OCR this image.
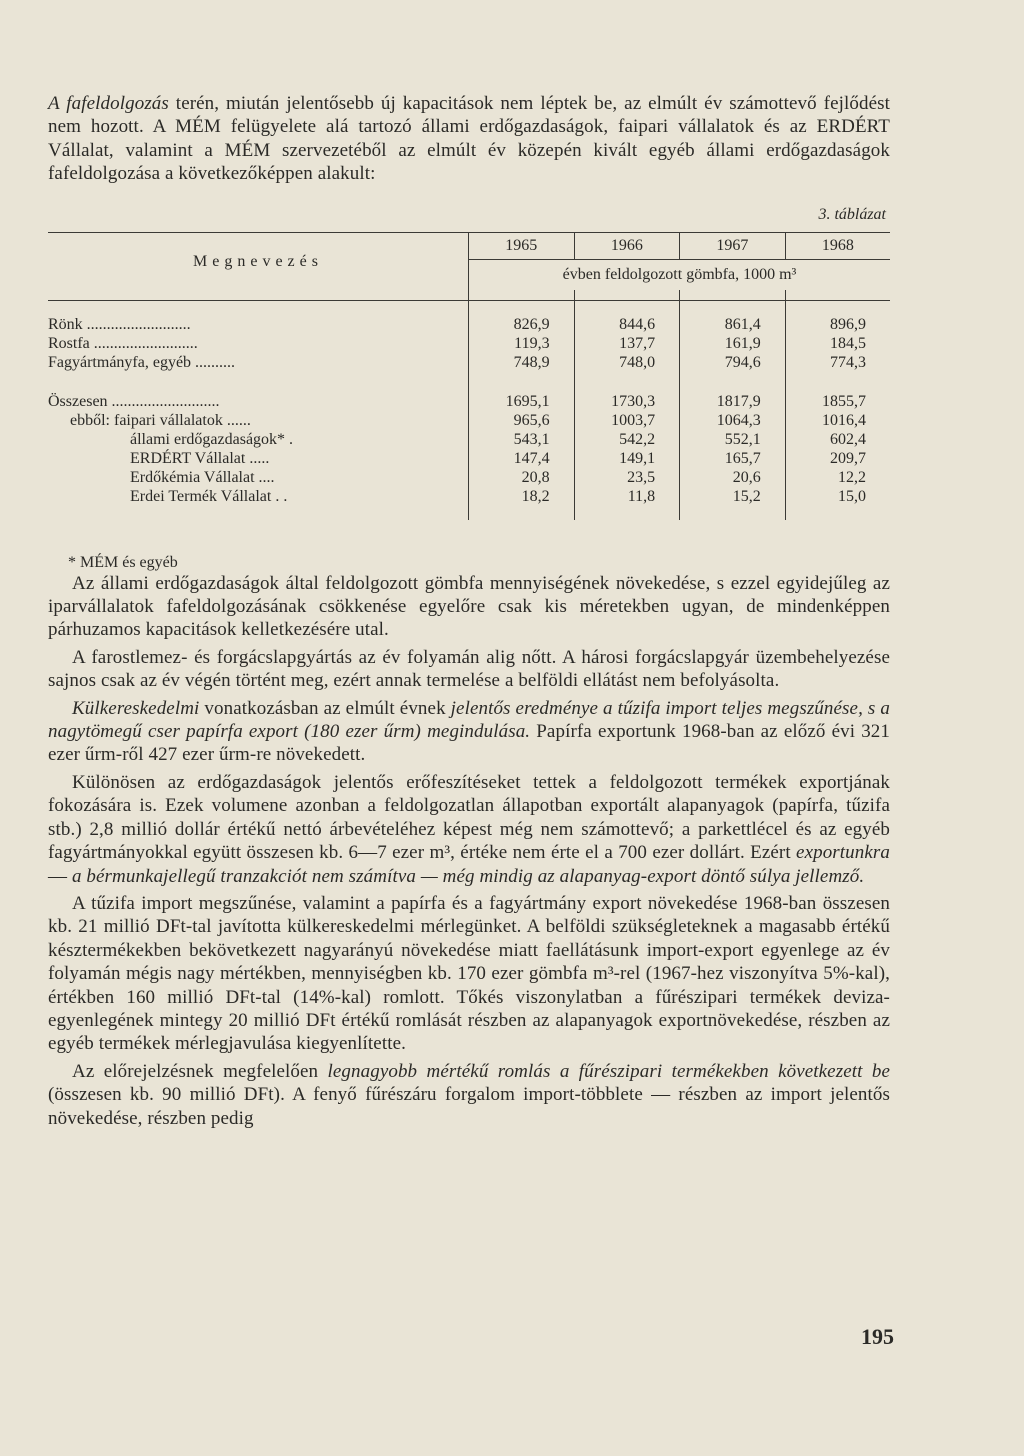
A fafeldolgozás terén, miután jelentősebb új kapacitások nem léptek be, az elmúlt év számottevő fejlődést nem hozott. A MÉM felügyelete alá tartozó állami erdőgazdaságok, faipari vállalatok és az ERDÉRT Vállalat, valamint a MÉM szervezetéből az elmúlt év közepén kivált egyéb állami erdőgazdaságok fafeldolgozása a következőképpen alakult:

3. táblázat
Megnevezés	1965	1966	1967	1968
	évben feldolgozott gömbfa, 1000 m³			

Rönk ..........................	826,9	844,6	861,4	896,9
Rostfa ..........................	119,3	137,7	161,9	184,5
Fagyártmányfa, egyéb ..........	748,9	748,0	794,6	774,3

Összesen ...........................	1695,1	1730,3	1817,9	1855,7
ebből: faipari vállalatok ......	965,6	1003,7	1064,3	1016,4
állami erdőgazdaságok* .	543,1	542,2	552,1	602,4
ERDÉRT Vállalat .....	147,4	149,1	165,7	209,7
Erdőkémia Vállalat ....	20,8	23,5	20,6	12,2
Erdei Termék Vállalat . .	18,2	11,8	15,2	15,0

* MÉM és egyéb

Az állami erdőgazdaságok által feldolgozott gömbfa mennyiségének növekedése, s ezzel egyidejűleg az iparvállalatok fafeldolgozásának csökkenése egyelőre csak kis méretekben ugyan, de mindenképpen párhuzamos kapacitások kelletkezésére utal.

A farostlemez- és forgácslapgyártás az év folyamán alig nőtt. A hárosi forgácslapgyár üzembehelyezése sajnos csak az év végén történt meg, ezért annak termelése a belföldi ellátást nem befolyásolta.

Külkereskedelmi vonatkozásban az elmúlt évnek jelentős eredménye a tűzifa import teljes megszűnése, s a nagytömegű cser papírfa export (180 ezer űrm) megindulása. Papírfa exportunk 1968-ban az előző évi 321 ezer űrm-ről 427 ezer űrm-re növekedett.

Különösen az erdőgazdaságok jelentős erőfeszítéseket tettek a feldolgozott termékek exportjának fokozására is. Ezek volumene azonban a feldolgozatlan állapotban exportált alapanyagok (papírfa, tűzifa stb.) 2,8 millió dollár értékű nettó árbevételéhez képest még nem számottevő; a parkettlécel és az egyéb fagyártmányokkal együtt összesen kb. 6—7 ezer m³, értéke nem érte el a 700 ezer dollárt. Ezért exportunkra — a bérmunkajellegű tranzakciót nem számítva — még mindig az alapanyag-export döntő súlya jellemző.

A tűzifa import megszűnése, valamint a papírfa és a fagyártmány export növekedése 1968-ban összesen kb. 21 millió DFt-tal javította külkereskedelmi mérlegünket. A belföldi szükségleteknek a magasabb értékű késztermékekben bekövetkezett nagyarányú növekedése miatt faellátásunk import-export egyenlege az év folyamán mégis nagy mértékben, mennyiségben kb. 170 ezer gömbfa m³-rel (1967-hez viszonyítva 5%-kal), értékben 160 millió DFt-tal (14%-kal) romlott. Tőkés viszonylatban a fűrészipari termékek deviza-egyenlegének mintegy 20 millió DFt értékű romlását részben az alapanyagok exportnövekedése, részben az egyéb termékek mérlegjavulása kiegyenlítette.

Az előrejelzésnek megfelelően legnagyobb mértékű romlás a fűrészipari termékekben következett be (összesen kb. 90 millió DFt). A fenyő fűrészáru forgalom import-többlete — részben az import jelentős növekedése, részben pedig

195
